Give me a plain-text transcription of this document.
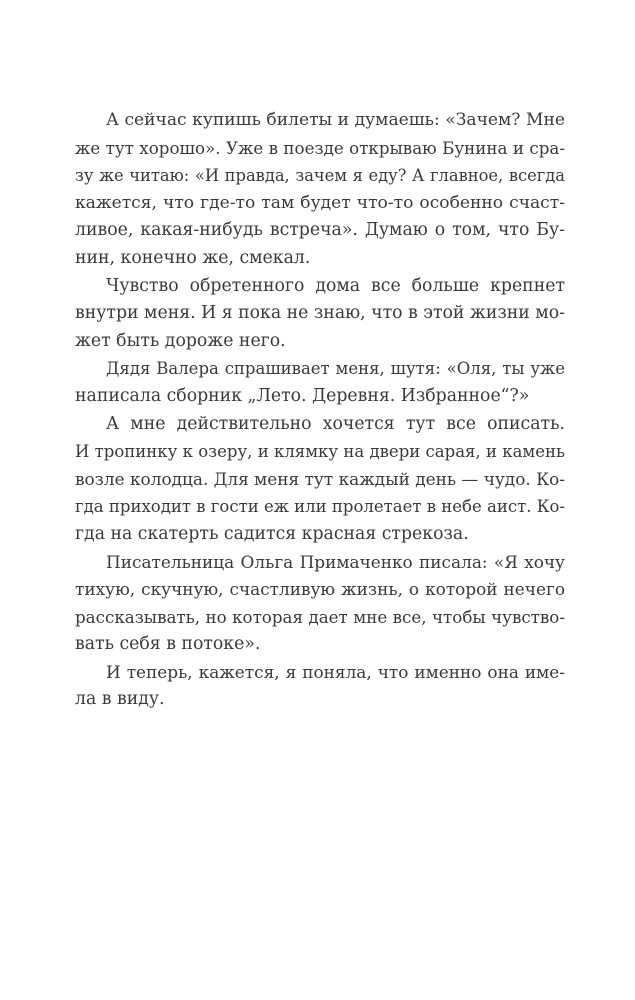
А сейчас купишь билеты и думаешь: «Зачем? Мне
же тут хорошо». Уже в поезде открываю Бунина и сра-
зу же читаю: «И правда, зачем я еду? А главное, всегда
кажется, что где-то там будет что-то особенно счаст-
ливое, какая-нибудь встреча». Думаю о том, что Бу-
нин, конечно же, смекал.
Чувство обретенного дома все больше крепнет
внутри меня. И я пока не знаю, что в этой жизни мо-
жет быть дороже него.
Дядя Валера спрашивает меня, шутя: «Оля, ты уже
написала сборник „Лето. Деревня. Избранное“?»
А мне действительно хочется тут все описать.
И тропинку к озеру, и клямку на двери сарая, и камень
возле колодца. Для меня тут каждый день — чудо. Ко-
гда приходит в гости еж или пролетает в небе аист. Ко-
гда на скатерть садится красная стрекоза.
Писательница Ольга Примаченко писала: «Я хочу
тихую, скучную, счастливую жизнь, о которой нечего
рассказывать, но которая дает мне все, чтобы чувство-
вать себя в потоке».
И теперь, кажется, я поняла, что именно она име-
ла в виду.
